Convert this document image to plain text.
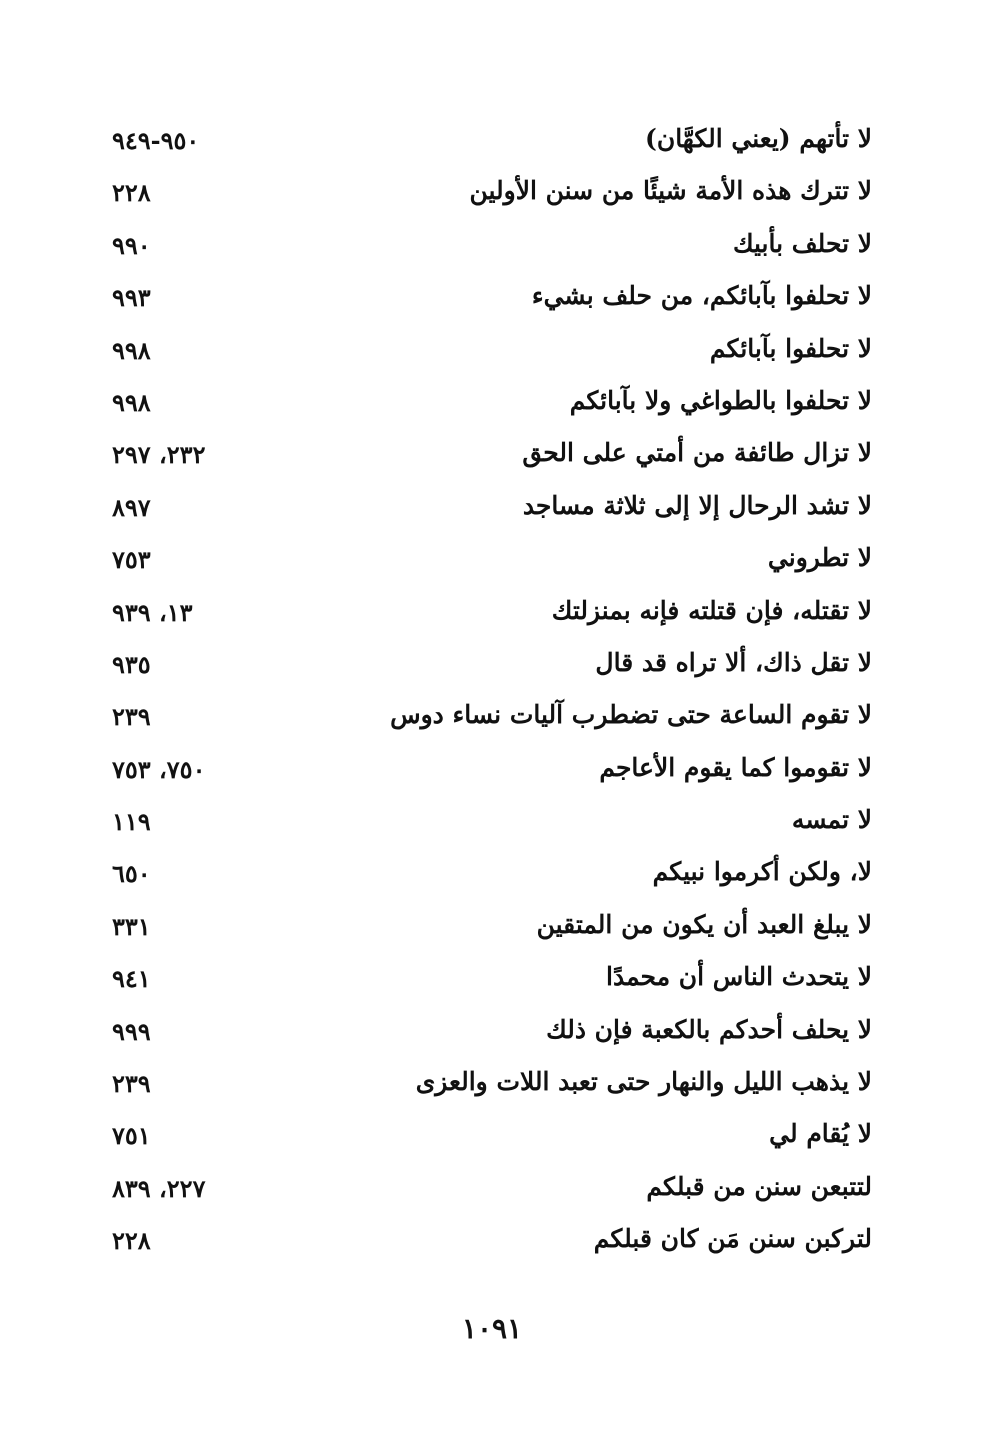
لا تأتهم (يعني الكهَّان)
٩٥٠-٩٤٩
لا تترك هذه الأمة شيئًا من سنن الأولين
٢٢٨
لا تحلف بأبيك
٩٩٠
لا تحلفوا بآبائكم، من حلف بشيء
٩٩٣
لا تحلفوا بآبائكم
٩٩٨
لا تحلفوا بالطواغي ولا بآبائكم
٩٩٨
لا تزال طائفة من أمتي على الحق
٢٣٢، ٢٩٧
لا تشد الرحال إلا إلى ثلاثة مساجد
٨٩٧
لا تطروني
٧٥٣
لا تقتله، فإن قتلته فإنه بمنزلتك
١٣، ٩٣٩
لا تقل ذاك، ألا تراه قد قال
٩٣٥
لا تقوم الساعة حتى تضطرب آليات نساء دوس
٢٣٩
لا تقوموا كما يقوم الأعاجم
٧٥٠، ٧٥٣
لا تمسه
١١٩
لا، ولكن أكرموا نبيكم
٦٥٠
لا يبلغ العبد أن يكون من المتقين
٣٣١
لا يتحدث الناس أن محمدًا
٩٤١
لا يحلف أحدكم بالكعبة فإن ذلك
٩٩٩
لا يذهب الليل والنهار حتى تعبد اللات والعزى
٢٣٩
لا يُقام لي
٧٥١
لتتبعن سنن من قبلكم
٢٢٧، ٨٣٩
لتركبن سنن مَن كان قبلكم
٢٢٨
١٠٩١
